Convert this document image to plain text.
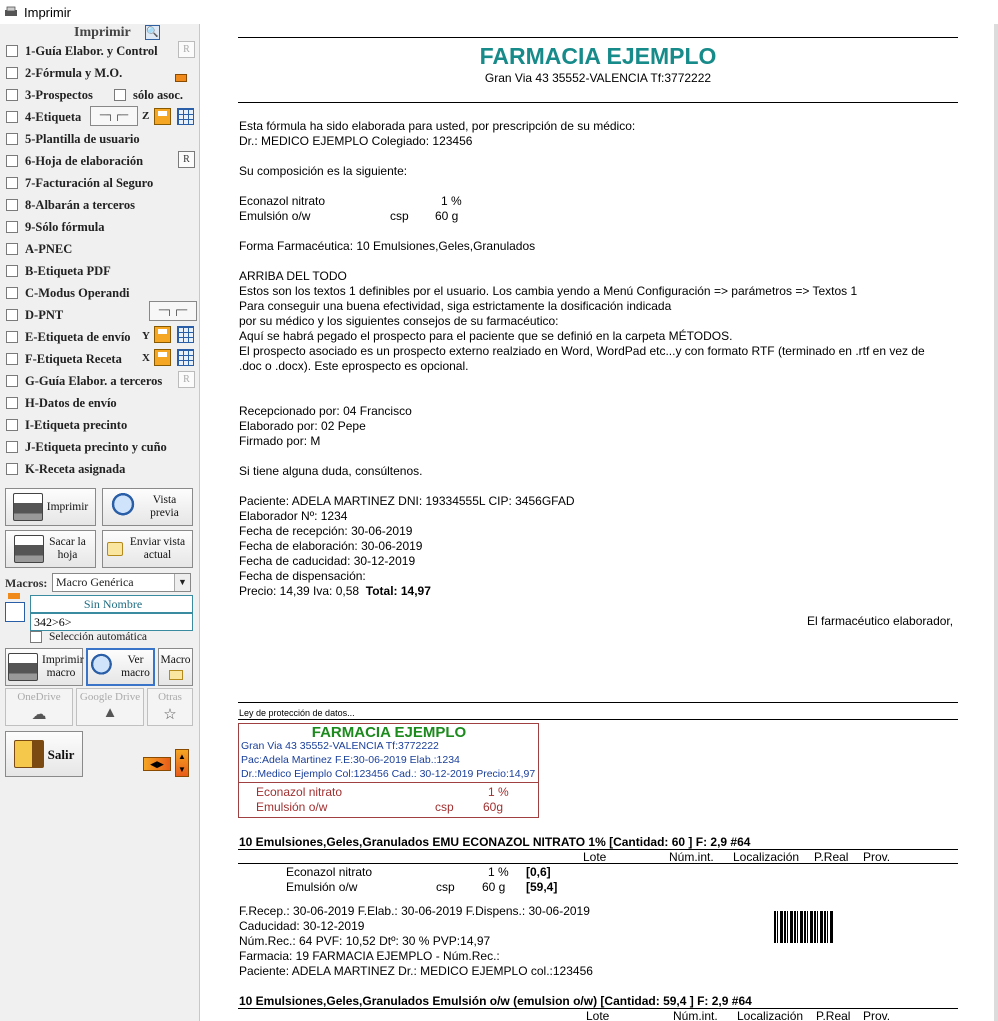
Imprimir
Imprimir 🔍
1-Guía Elabor. y Control	R
2-Fórmula y M.O.
3-Prospectos	sólo asoc.
4-Etiqueta	─┐┌─	Z
5-Plantilla de usuario
6-Hoja de elaboración	R
7-Facturación al Seguro
8-Albarán a terceros
9-Sólo fórmula
A-PNEC
B-Etiqueta PDF
C-Modus Operandi
D-PNT	─┐┌─
E-Etiqueta de envío Y
F-Etiqueta Receta X
G-Guía Elabor. a terceros	R
H-Datos de envío
I-Etiqueta precinto
J-Etiqueta precinto y cuño
K-Receta asignada
Imprimir
Vista previa
Sacar la hoja
Enviar vista actual
Macros: Macro Genérica	▼
Sin Nombre
342>6>
Selección automática
Imprimir macro
Ver macro
Macro
OneDrive
☁
Google Drive
▲
Otras
☆
Salir
◀▶
▲
▼
FARMACIA EJEMPLO
Gran Via 43 35552-VALENCIA Tf:3772222
Esta fórmula ha sido elaborada para usted, por prescripción de su médico:
Dr.: MEDICO EJEMPLO Colegiado: 123456
Su composición es la siguiente:
Econazol nitrato	1 %
Emulsión o/w	csp 60 g
Forma Farmacéutica: 10 Emulsiones,Geles,Granulados
ARRIBA DEL TODO
Estos son los textos 1 definibles por el usuario. Los cambia yendo a Menú Configuración => parámetros => Textos 1
Para conseguir una buena efectividad, siga estrictamente la dosificación indicada
por su médico y los siguientes consejos de su farmacéutico:
Aquí se habrá pegado el prospecto para el paciente que se definió en la carpeta MÉTODOS.
El prospecto asociado es un prospecto externo realziado en Word, WordPad etc...y con formato RTF (terminado en .rtf en vez de
.doc o .docx). Este eprospecto es opcional.
Recepcionado por: 04 Francisco
Elaborado por: 02 Pepe
Firmado por: M
Si tiene alguna duda, consúltenos.
Paciente: ADELA MARTINEZ DNI: 19334555L CIP: 3456GFAD
Elaborador Nº: 1234
Fecha de recepción: 30-06-2019
Fecha de elaboración: 30-06-2019
Fecha de caducidad: 30-12-2019
Fecha de dispensación:
Precio: 14,39 Iva: 0,58 Total: 14,97
El farmacéutico elaborador,
Ley de protección de datos...
FARMACIA EJEMPLO
Gran Via 43 35552-VALENCIA Tf:3772222
Pac:Adela Martinez F.E:30-06-2019 Elab.:1234
Dr.:Medico Ejemplo Col:123456 Cad.: 30-12-2019 Precio:14,97
Econazol nitrato	1 %
Emulsión o/w	csp 60g
10 Emulsiones,Geles,Granulados EMU ECONAZOL NITRATO 1% [Cantidad: 60 ] F: 2,9 #64
Lote	Núm.int. Localización P.Real Prov.
Econazol nitrato	1 % [0,6]
Emulsión o/w	csp 60 g [59,4]
F.Recep.: 30-06-2019 F.Elab.: 30-06-2019 F.Dispens.: 30-06-2019
Caducidad: 30-12-2019
Núm.Rec.: 64 PVF: 10,52 Dtº: 30 % PVP:14,97
Farmacia: 19 FARMACIA EJEMPLO - Núm.Rec.:
Paciente: ADELA MARTINEZ Dr.: MEDICO EJEMPLO col.:123456
10 Emulsiones,Geles,Granulados Emulsión o/w (emulsion o/w) [Cantidad: 59,4 ] F: 2,9 #64
Lote	Núm.int. Localización P.Real Prov.
